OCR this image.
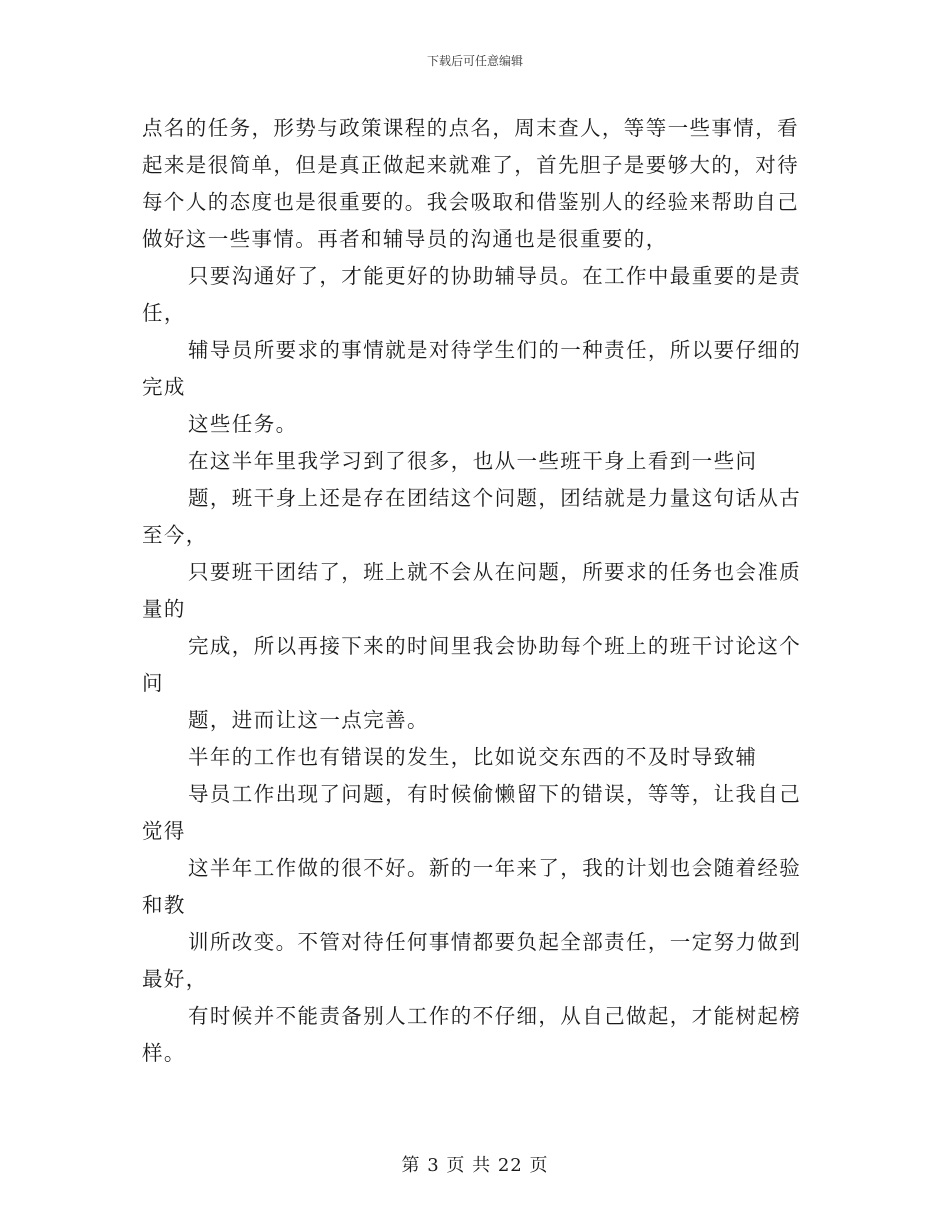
下载后可任意编辑
点名的任务，形势与政策课程的点名，周末查人，等等一些事情，看
起来是很简单，但是真正做起来就难了，首先胆子是要够大的，对待
每个人的态度也是很重要的。我会吸取和借鉴别人的经验来帮助自己
做好这一些事情。再者和辅导员的沟通也是很重要的，
只要沟通好了，才能更好的协助辅导员。在工作中最重要的是责
任，
辅导员所要求的事情就是对待学生们的一种责任，所以要仔细的
完成
这些任务。
在这半年里我学习到了很多，也从一些班干身上看到一些问
题，班干身上还是存在团结这个问题，团结就是力量这句话从古
至今，
只要班干团结了，班上就不会从在问题，所要求的任务也会准质
量的
完成，所以再接下来的时间里我会协助每个班上的班干讨论这个
问
题，进而让这一点完善。
半年的工作也有错误的发生，比如说交东西的不及时导致辅
导员工作出现了问题，有时候偷懒留下的错误，等等，让我自己
觉得
这半年工作做的很不好。新的一年来了，我的计划也会随着经验
和教
训所改变。不管对待任何事情都要负起全部责任，一定努力做到
最好，
有时候并不能责备别人工作的不仔细，从自己做起，才能树起榜
样。
第 3 页 共 22 页
